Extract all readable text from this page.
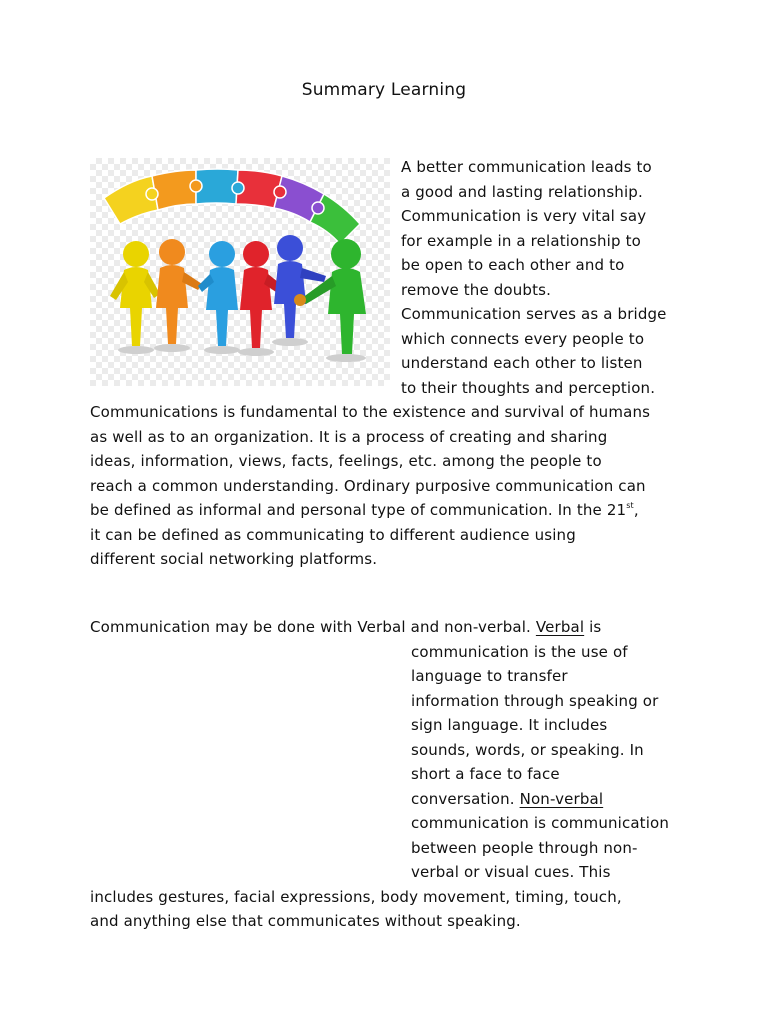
Summary Learning
A better communication leads to
a good and lasting relationship.
Communication is very vital say
for example in a relationship to
be open to each other and to
remove the doubts.
Communication serves as a bridge
which connects every people to
understand each other to listen
to their thoughts and perception.
Communications is fundamental to the existence and survival of humans
as well as to an organization. It is a process of creating and sharing
ideas, information, views, facts, feelings, etc. among the people to
reach a common understanding. Ordinary purposive communication can
be defined as informal and personal type of communication. In the 21st,
it can be defined as communicating to different audience using
different social networking platforms.
Communication may be done with Verbal and non-verbal. Verbal is
communication is the use of
language to transfer
information through speaking or
sign language. It includes
sounds, words, or speaking. In
short a face to face
conversation. Non-verbal
communication is communication
between people through non-
verbal or visual cues. This
includes gestures, facial expressions, body movement, timing, touch,
and anything else that communicates without speaking.
